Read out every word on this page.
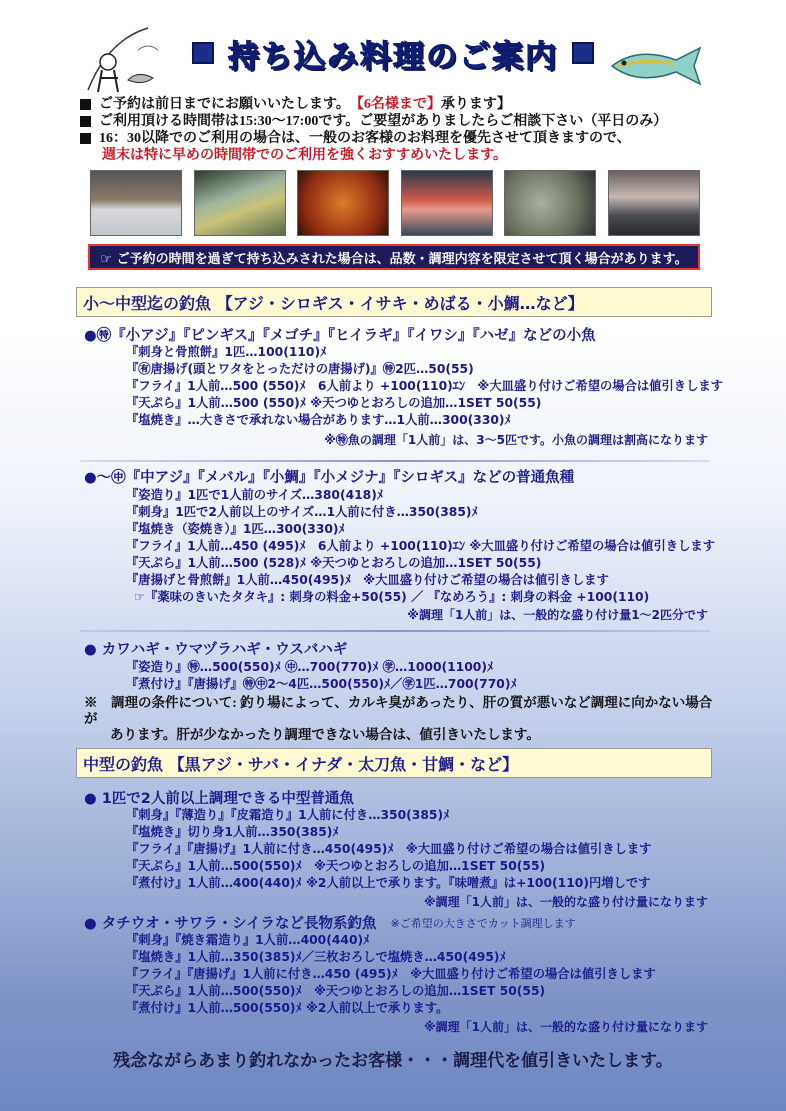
持ち込み料理のご案内
ご予約は前日までにお願いいたします。 【6名様まで】 承ります】
ご利用頂ける時間帯は15:30～17:00です。ご要望がありましたらご相談下さい（平日のみ）
16：30以降でのご利用の場合は、一般のお客様のお料理を優先させて頂きますので、
週末は特に早めの時間帯でのご利用を強くおすすめいたします。
☞ ご予約の時間を過ぎて持ち込みされた場合は、品数・調理内容を限定させて頂く場合があります。
小～中型迄の釣魚 【アジ・シロギス・イサキ・めばる・小鯛…など】
●㊕『小アジ』『ピンギス』『メゴチ』『ヒイラギ』『イワシ』『ハゼ』などの小魚
『刺身と骨煎餅』1匹…100(110)ﾒ
『㊒唐揚げ(頭とワタをとっただけの唐揚げ)』㊕2匹…50(55)
『フライ』1人前…500 (550)ﾒ　6人前より +100(110)ｴﾝ　※大皿盛り付けご希望の場合は値引きします
『天ぷら』1人前…500 (550)ﾒ ※天つゆとおろしの追加…1SET 50(55)
『塩焼き』…大きさで承れない場合があります…1人前…300(330)ﾒ
※㊕魚の調理「1人前」は、3～5匹です。小魚の調理は割高になります
●～㊥『中アジ』『メバル』『小鯛』『小メジナ』『シロギス』などの普通魚種
『姿造り』1匹で1人前のサイズ…380(418)ﾒ
『刺身』1匹で2人前以上のサイズ…1人前に付き…350(385)ﾒ
『塩焼き（姿焼き）』1匹…300(330)ﾒ
『フライ』1人前…450 (495)ﾒ　6人前より +100(110)ｴﾝ ※大皿盛り付けご希望の場合は値引きします
『天ぷら』1人前…500 (528)ﾒ ※天つゆとおろしの追加…1SET 50(55)
『唐揚げと骨煎餅』1人前…450(495)ﾒ　※大皿盛り付けご希望の場合は値引きします
☞『薬味のきいたタタキ』: 刺身の料金+50(55) ／ 『なめろう』: 刺身の料金 +100(110)
※調理「1人前」は、一般的な盛り付け量1～2匹分です
● カワハギ・ウマヅラハギ・ウスバハギ
『姿造り』㊕…500(550)ﾒ ㊥…700(770)ﾒ ㊫…1000(1100)ﾒ
『煮付け』『唐揚げ』㊕㊥2～4匹…500(550)ﾒ／㊫1匹…700(770)ﾒ
※　調理の条件について: 釣り場によって、カルキ臭があったり、肝の質が悪いなど調理に向かない場合が
あります。肝が少なかったり調理できない場合は、値引きいたします。
中型の釣魚 【黒アジ・サバ・イナダ・太刀魚・甘鯛・など】
● 1匹で2人前以上調理できる中型普通魚
『刺身』『薄造り』『皮霜造り』1人前に付き…350(385)ﾒ
『塩焼き』切り身1人前…350(385)ﾒ
『フライ』『唐揚げ』1人前に付き…450(495)ﾒ　※大皿盛り付けご希望の場合は値引きします
『天ぷら』1人前…500(550)ﾒ　※天つゆとおろしの追加…1SET 50(55)
『煮付け』1人前…400(440)ﾒ ※2人前以上で承ります。『味噌煮』は+100(110)円増しです
※調理「1人前」は、一般的な盛り付け量になります
● タチウオ・サワラ・シイラなど長物系釣魚 ※ご希望の大きさでカット調理します
『刺身』『焼き霜造り』1人前…400(440)ﾒ
『塩焼き』1人前…350(385)ﾒ／三枚おろしで塩焼き…450(495)ﾒ
『フライ』『唐揚げ』1人前に付き…450 (495)ﾒ　※大皿盛り付けご希望の場合は値引きします
『天ぷら』1人前…500(550)ﾒ　※天つゆとおろしの追加…1SET 50(55)
『煮付け』1人前…500(550)ﾒ ※2人前以上で承ります。
※調理「1人前」は、一般的な盛り付け量になります
残念ながらあまり釣れなかったお客様・・・調理代を値引きいたします。
